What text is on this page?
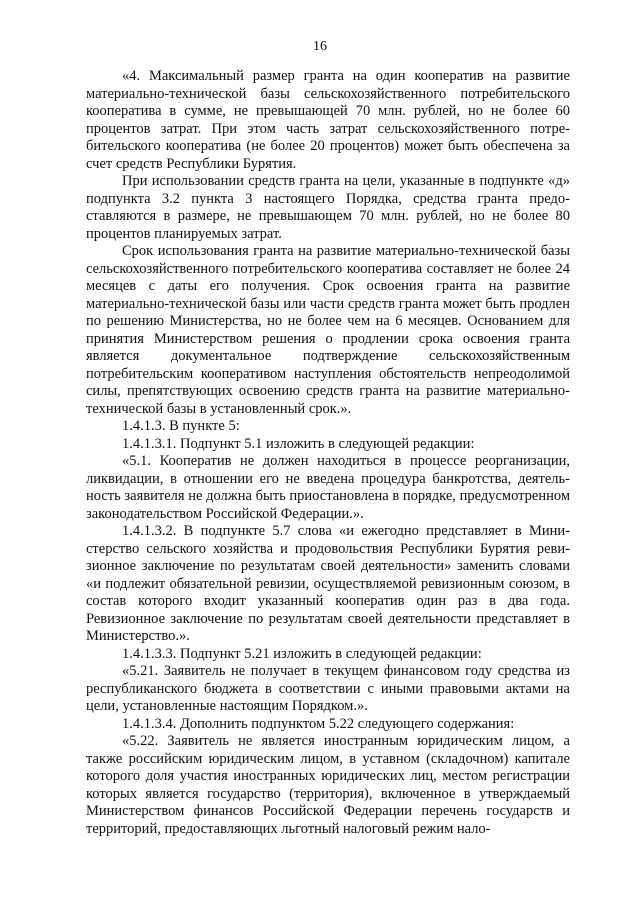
16

«4. Максимальный размер гранта на один кооператив на развитие материально-технической базы сельскохозяйственного потребительского кооператива в сумме, не превышающей 70 млн. рублей, но не более 60 процентов затрат. При этом часть затрат сельскохозяйственного потребительского кооператива (не более 20 процентов) может быть обеспечена за счет средств Республики Бурятия.

При использовании средств гранта на цели, указанные в подпункте «д» подпункта 3.2 пункта 3 настоящего Порядка, средства гранта предоставляются в размере, не превышающем 70 млн. рублей, но не более 80 процентов планируемых затрат.

Срок использования гранта на развитие материально-технической базы сельскохозяйственного потребительского кооператива составляет не более 24 месяцев с даты его получения. Срок освоения гранта на развитие материально-технической базы или части средств гранта может быть продлен по решению Министерства, но не более чем на 6 месяцев. Основанием для принятия Министерством решения о продлении срока освоения гранта является документальное подтверждение сельскохозяйственным потребительским кооперативом наступления обстоятельств непреодолимой силы, препятствующих освоению средств гранта на развитие материально-технической базы в установленный срок.».

1.4.1.3. В пункте 5:

1.4.1.3.1. Подпункт 5.1 изложить в следующей редакции:

«5.1. Кооператив не должен находиться в процессе реорганизации, ликвидации, в отношении его не введена процедура банкротства, деятельность заявителя не должна быть приостановлена в порядке, предусмотренном законодательством Российской Федерации.».

1.4.1.3.2. В подпункте 5.7 слова «и ежегодно представляет в Министерство сельского хозяйства и продовольствия Республики Бурятия ревизионное заключение по результатам своей деятельности» заменить словами «и подлежит обязательной ревизии, осуществляемой ревизионным союзом, в состав которого входит указанный кооператив один раз в два года. Ревизионное заключение по результатам своей деятельности представляет в Министерство.».

1.4.1.3.3. Подпункт 5.21 изложить в следующей редакции:

«5.21. Заявитель не получает в текущем финансовом году средства из республиканского бюджета в соответствии с иными правовыми актами на цели, установленные настоящим Порядком.».

1.4.1.3.4. Дополнить подпунктом 5.22 следующего содержания:

«5.22. Заявитель не является иностранным юридическим лицом, а также российским юридическим лицом, в уставном (складочном) капитале которого доля участия иностранных юридических лиц, местом регистрации которых является государство (территория), включенное в утверждаемый Министерством финансов Российской Федерации перечень государств и территорий, предоставляющих льготный налоговый режим нало-
